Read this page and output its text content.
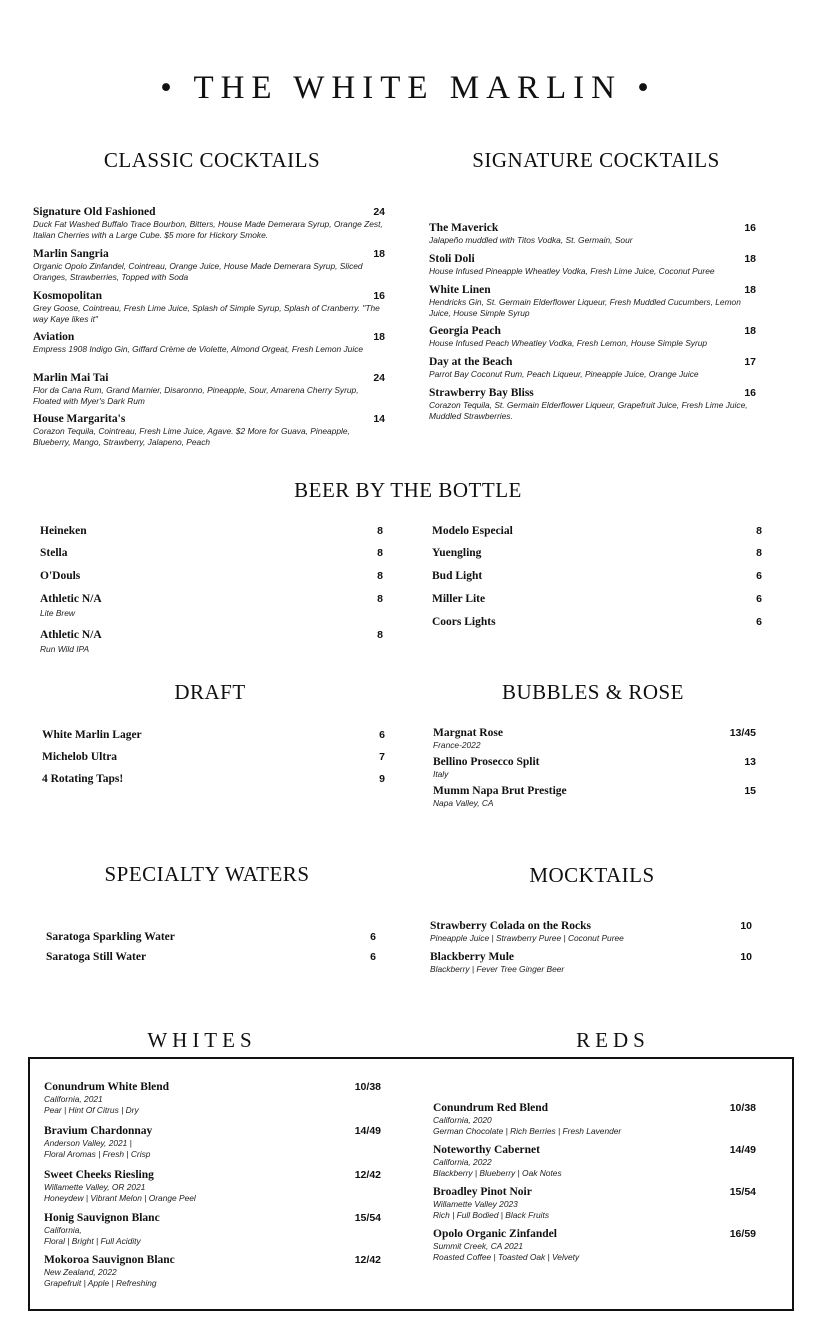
• THE WHITE MARLIN •
CLASSIC COCKTAILS	SIGNATURE COCKTAILS
BEER BY THE BOTTLE
DRAFT	BUBBLES & ROSE
SPECIALTY WATERS	MOCKTAILS
WHITES	REDS
Signature Old Fashioned	24
Duck Fat Washed Buffalo Trace Bourbon, Bitters, House Made Demerara Syrup, Orange Zest, Italian Cherries with a Large Cube. $5 more for Hickory Smoke.
Marlin Sangria	18
Organic Opolo Zinfandel, Cointreau, Orange Juice, House Made Demerara Syrup, Sliced Oranges, Strawberries, Topped with Soda
Kosmopolitan	16
Grey Goose, Cointreau, Fresh Lime Juice, Splash of Simple Syrup, Splash of Cranberry. "The way Kaye likes it"
Aviation	18
Empress 1908 Indigo Gin, Giffard Crème de Violette, Almond Orgeat, Fresh Lemon Juice
Marlin Mai Tai	24
Flor da Cana Rum, Grand Marnier, Disaronno, Pineapple, Sour, Amarena Cherry Syrup, Floated with Myer's Dark Rum
House Margarita's	14
Corazon Tequila, Cointreau, Fresh Lime Juice, Agave. $2 More for Guava, Pineapple, Blueberry, Mango, Strawberry, Jalapeno, Peach
The Maverick	16
Jalapeño muddled with Titos Vodka, St. Germain, Sour
Stoli Doli	18
House Infused Pineapple Wheatley Vodka, Fresh Lime Juice, Coconut Puree
White Linen	18
Hendricks Gin, St. Germain Elderflower Liqueur, Fresh Muddled Cucumbers, Lemon Juice, House Simple Syrup
Georgia Peach	18
House Infused Peach Wheatley Vodka, Fresh Lemon, House Simple Syrup
Day at the Beach	17
Parrot Bay Coconut Rum, Peach Liqueur, Pineapple Juice, Orange Juice
Strawberry Bay Bliss	16
Corazon Tequila, St. Germain Elderflower Liqueur, Grapefruit Juice, Fresh Lime Juice, Muddled Strawberries.
Heineken	8
Stella	8
O'Douls	8
Athletic N/A	8
Lite Brew
Athletic N/A	8
Run Wild IPA
Modelo Especial	8
Yuengling	8
Bud Light	6
Miller Lite	6
Coors Lights	6
White Marlin Lager	6
Michelob Ultra	7
4 Rotating Taps!	9
Margnat Rose	13/45
France-2022
Bellino Prosecco Split	13
Italy
Mumm Napa Brut Prestige	15
Napa Valley, CA
Saratoga Sparkling Water	6
Saratoga Still Water	6
Strawberry Colada on the Rocks	10
Pineapple Juice | Strawberry Puree | Coconut Puree
Blackberry Mule	10
Blackberry | Fever Tree Ginger Beer
Conundrum White Blend	10/38
California, 2021
Pear | Hint Of Citrus | Dry
Bravium Chardonnay	14/49
Anderson Valley, 2021 |
Floral Aromas | Fresh | Crisp
Sweet Cheeks Riesling	12/42
Willamette Valley, OR 2021
Honeydew | Vibrant Melon | Orange Peel
Honig Sauvignon Blanc	15/54
California,
Floral | Bright | Full Acidity
Mokoroa Sauvignon Blanc	12/42
New Zealand, 2022
Grapefruit | Apple | Refreshing
Conundrum Red Blend	10/38
California, 2020
German Chocolate | Rich Berries | Fresh Lavender
Noteworthy Cabernet	14/49
California, 2022
Blackberry | Blueberry | Oak Notes
Broadley Pinot Noir	15/54
Willamette Valley 2023
Rich | Full Bodied | Black Fruits
Opolo Organic Zinfandel	16/59
Summit Creek, CA 2021
Roasted Coffee | Toasted Oak | Velvety
